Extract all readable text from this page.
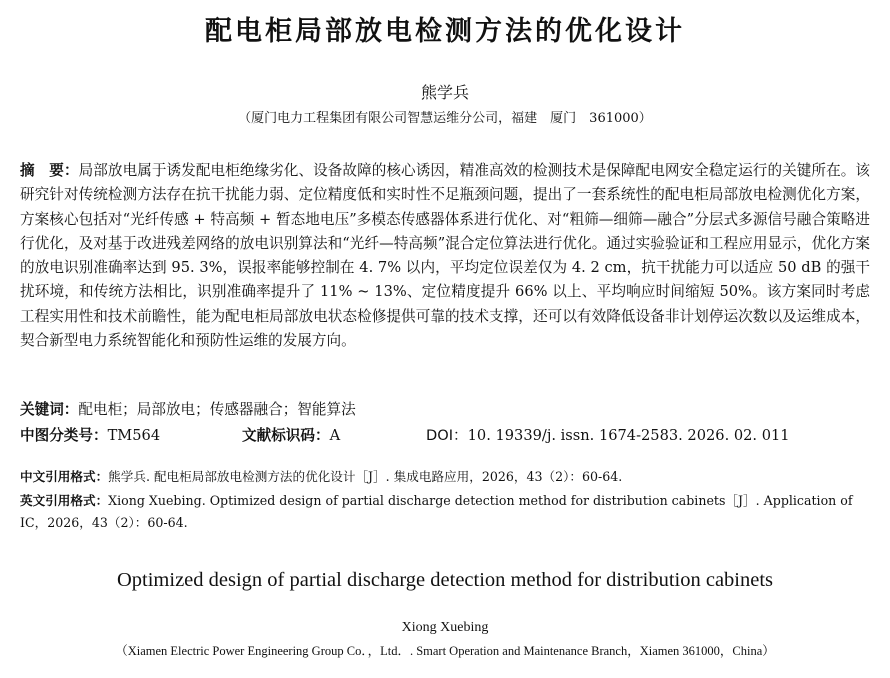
配电柜局部放电检测方法的优化设计
熊学兵
（厦门电力工程集团有限公司智慧运维分公司，福建　厦门　361000）
摘　要：局部放电属于诱发配电柜绝缘劣化、设备故障的核心诱因，精准高效的检测技术是保障配电网安全稳定运行的关键所在。该研究针对传统检测方法存在抗干扰能力弱、定位精度低和实时性不足瓶颈问题，提出了一套系统性的配电柜局部放电检测优化方案，方案核心包括对“光纤传感 + 特高频 + 暂态地电压”多模态传感器体系进行优化、对“粗筛—细筛—融合”分层式多源信号融合策略进行优化，及对基于改进残差网络的放电识别算法和“光纤—特高频”混合定位算法进行优化。通过实验验证和工程应用显示，优化方案的放电识别准确率达到 95. 3%，误报率能够控制在 4. 7% 以内，平均定位误差仅为 4. 2 cm，抗干扰能力可以适应 50 dB 的强干扰环境，和传统方法相比，识别准确率提升了 11% ~ 13%、定位精度提升 66% 以上、平均响应时间缩短 50%。该方案同时考虑工程实用性和技术前瞻性，能为配电柜局部放电状态检修提供可靠的技术支撑，还可以有效降低设备非计划停运次数以及运维成本，契合新型电力系统智能化和预防性运维的发展方向。
关键词：配电柜；局部放电；传感器融合；智能算法
中图分类号：TM564	文献标识码：A	DOI：10. 19339/j. issn. 1674-2583. 2026. 02. 011
中文引用格式：熊学兵. 配电柜局部放电检测方法的优化设计［J］. 集成电路应用，2026，43（2）：60-64.
英文引用格式：Xiong Xuebing. Optimized design of partial discharge detection method for distribution cabinets［J］. Application of IC，2026，43（2）：60-64.
Optimized design of partial discharge detection method for distribution cabinets
Xiong Xuebing
（Xiamen Electric Power Engineering Group Co．，Ltd．. Smart Operation and Maintenance Branch，Xiamen 361000，China）
